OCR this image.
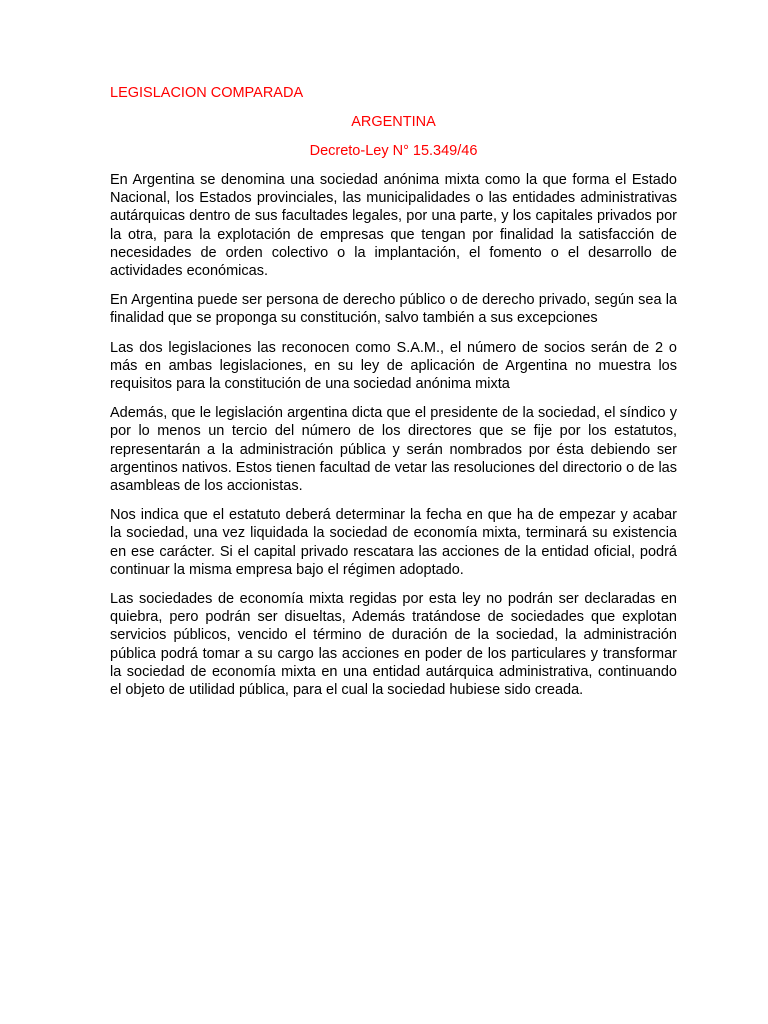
LEGISLACION COMPARADA

ARGENTINA

Decreto-Ley N° 15.349/46

En Argentina se denomina una sociedad anónima mixta como la que forma el Estado Nacional, los Estados provinciales, las municipalidades o las entidades administrativas autárquicas dentro de sus facultades legales, por una parte, y los capitales privados por la otra, para la explotación de empresas que tengan por finalidad la satisfacción de necesidades de orden colectivo o la implantación, el fomento o el desarrollo de actividades económicas.

En Argentina puede ser persona de derecho público o de derecho privado, según sea la finalidad que se proponga su constitución, salvo también a sus excepciones

Las dos legislaciones las reconocen como S.A.M., el número de socios serán de 2 o más en ambas legislaciones, en su ley de aplicación de Argentina no muestra los requisitos para la constitución de una sociedad anónima mixta

Además, que le legislación argentina dicta que el presidente de la sociedad, el síndico y por lo menos un tercio del número de los directores que se fije por los estatutos, representarán a la administración pública y serán nombrados por ésta debiendo ser argentinos nativos. Estos tienen facultad de vetar las resoluciones del directorio o de las asambleas de los accionistas.

Nos indica que el estatuto deberá determinar la fecha en que ha de empezar y acabar la sociedad, una vez liquidada la sociedad de economía mixta, terminará su existencia en ese carácter. Si el capital privado rescatara las acciones de la entidad oficial, podrá continuar la misma empresa bajo el régimen adoptado.

Las sociedades de economía mixta regidas por esta ley no podrán ser declaradas en quiebra, pero podrán ser disueltas, Además tratándose de sociedades que explotan servicios públicos, vencido el término de duración de la sociedad, la administración pública podrá tomar a su cargo las acciones en poder de los particulares y transformar la sociedad de economía mixta en una entidad autárquica administrativa, continuando el objeto de utilidad pública, para el cual la sociedad hubiese sido creada.
